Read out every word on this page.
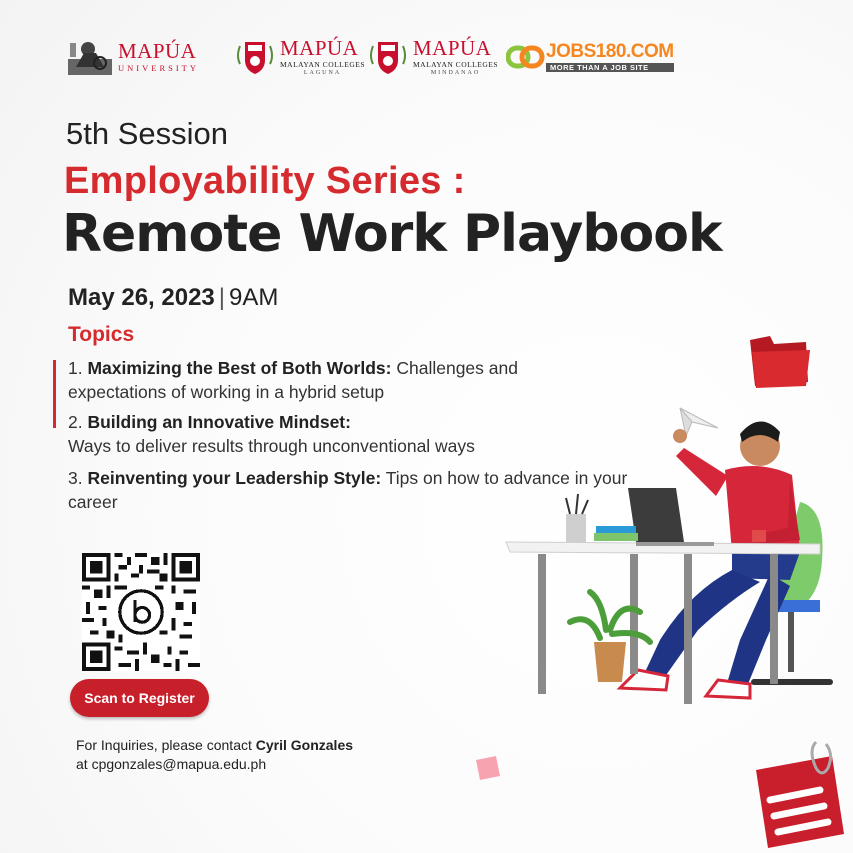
MAPÚA
UNIVERSITY
MAPÚA
MALAYAN COLLEGES
LAGUNA
MAPÚA
MALAYAN COLLEGES
MINDANAO
JOBS180.COM
MORE THAN A JOB SITE
5th Session
Employability Series :
Remote Work Playbook
May 26, 2023 | 9AM
Topics
1. Maximizing the Best of Both Worlds: Challenges and expectations of working in a hybrid setup
2. Building an Innovative Mindset:
Ways to deliver results through unconventional ways
3. Reinventing your Leadership Style: Tips on how to advance in your career
Scan to Register
For Inquiries, please contact Cyril Gonzales
at cpgonzales@mapua.edu.ph
